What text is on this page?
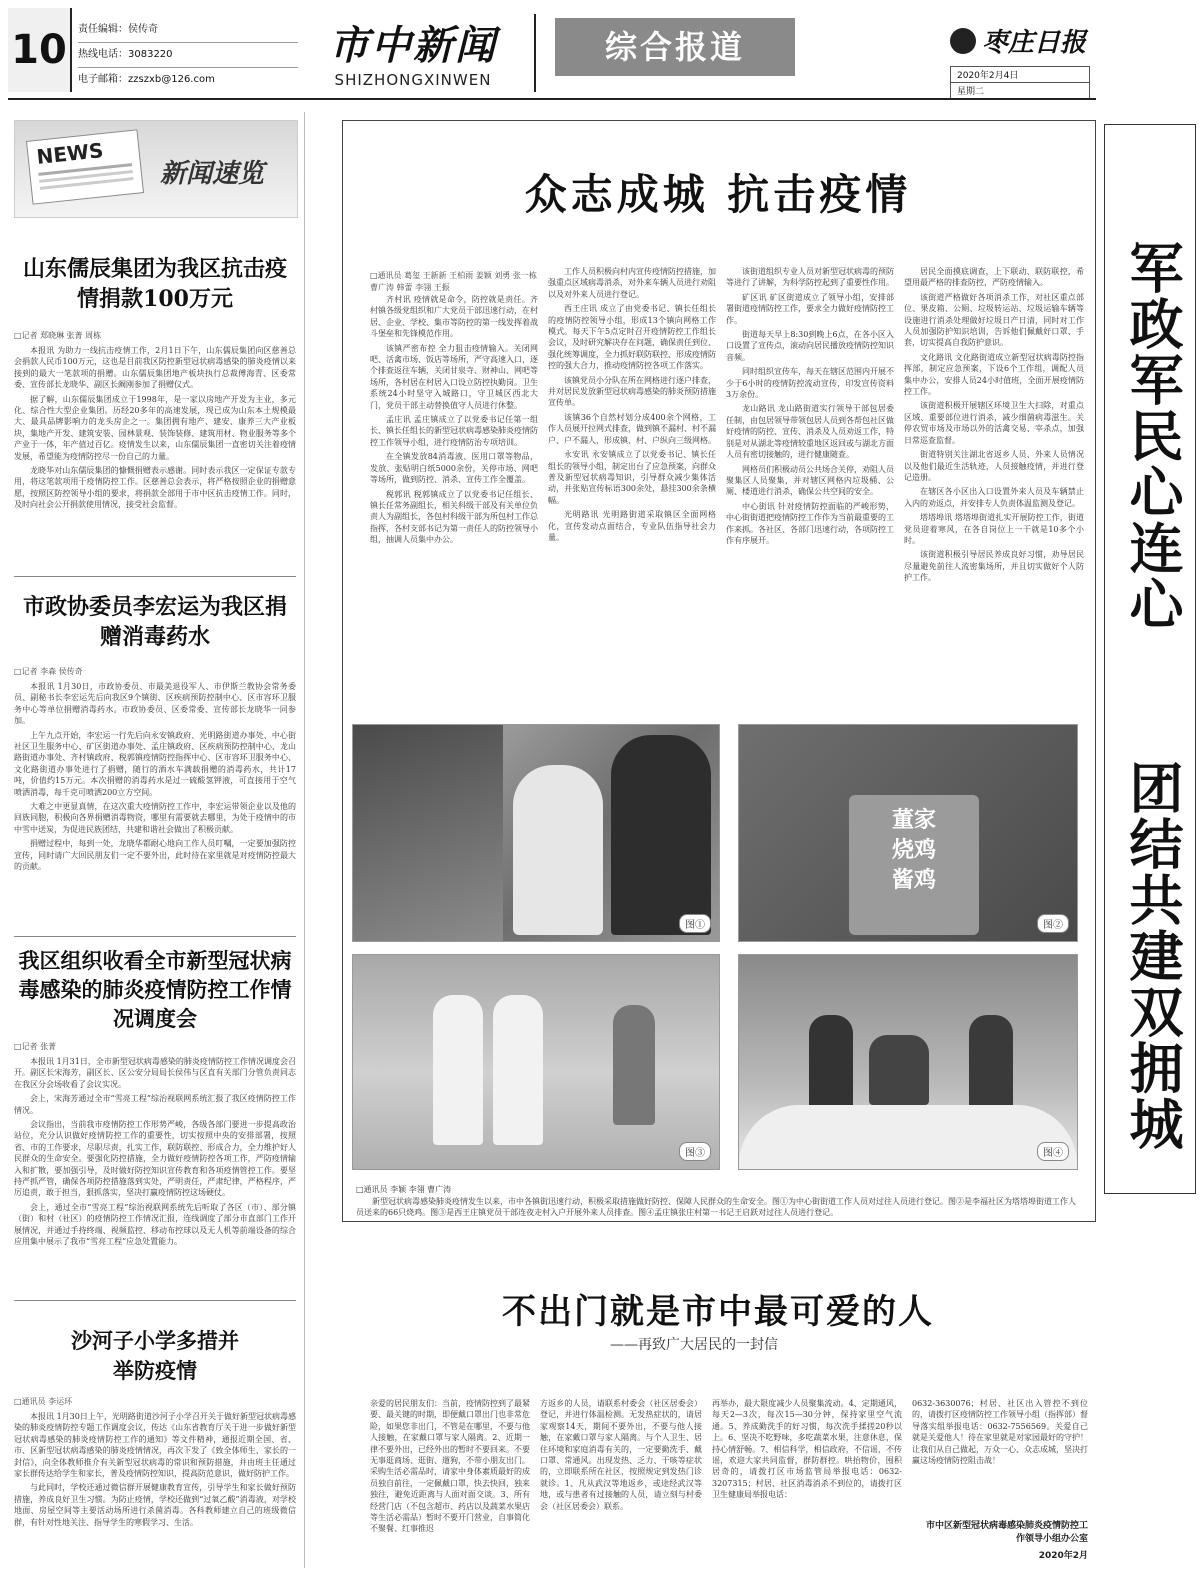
10	责任编辑：侯传奇
热线电话：3083220
电子邮箱：zzszxb@126.com
市中新闻
SHIZHONGXINWEN
综合报道	枣庄日报
2020年2月4日
星期二
NEWS
新闻速览
山东儒辰集团为我区抗击疫情捐款100万元
□记者 郑晓琳 张菁 周栋

本报讯 为助力一线抗击疫情工作，2月1日下午，山东儒辰集团向区慈善总会捐款人民币100万元，这也是目前我区防控新型冠状病毒感染的肺炎疫情以来接到的最大一笔款项的捐赠。山东儒辰集团地产板块执行总裁傅海青、区委常委、宣传部长龙晓华、副区长阚刚参加了捐赠仪式。

据了解，山东儒辰集团成立于1998年，是一家以房地产开发为主业，多元化、综合性大型企业集团。历经20多年的高速发展，现已成为山东本土规模最大、最具品牌影响力的龙头房企之一。集团拥有地产、建安、康养三大产业板块，集地产开发、建筑安装、园林景观、装饰装修、建筑用材、物业服务等多个产业于一体，年产值过百亿。疫情发生以来，山东儒辰集团一直密切关注着疫情发展，希望能为疫情防控尽一份自己的力量。

龙晓华对山东儒辰集团的慷慨捐赠表示感谢。同时表示我区一定保证专款专用，将这笔款项用于疫情防控工作。区慈善总会表示，将严格按照企业的捐赠意愿，按照区防控领导小组的要求，将捐款全部用于市中区抗击疫情工作。同时，及时向社会公开捐款使用情况，接受社会监督。

市政协委员李宏运为我区捐赠消毒药水
□记者 李森 侯传奇

本报讯 1月30日，市政协委员、市最美退役军人、市伊斯兰教协会常务委员、副秘书长李宏运先后向我区9个镇街、区疾病预防控制中心、区市容环卫服务中心等单位捐赠消毒药水。市政协委员、区委常委、宣传部长龙晓华一同参加。

上午九点开始，李宏运一行先后向永安镇政府、光明路街道办事处、中心街社区卫生服务中心、矿区街道办事处、孟庄镇政府、区疾病预防控制中心、龙山路街道办事处、齐村镇政府、税郭镇疫情防控指挥中心、区市容环卫服务中心、文化路街道办事处进行了捐赠，随行的酒水车满载捐赠的消毒药水，共计17吨，价值约15万元。本次捐赠的消毒药水是过一硫酸氢钾液，可直接用于空气喷洒消毒，每千克可喷洒200立方空间。

大难之中更显真情，在这次重大疫情防控工作中，李宏运带领企业以及他的回族同胞，积极向各界捐赠消毒物资，哪里有需要就去哪里，为处于疫情中的市中雪中送炭，为促进民族团结，共建和谐社会做出了积极贡献。

捐赠过程中，每到一处，龙晓华都耐心地向工作人员叮嘱，一定要加强防控宣传，同时请广大回民朋友们一定不要外出，此时待在家里就是对疫情防控最大的贡献。

我区组织收看全市新型冠状病毒感染的肺炎疫情防控工作情况调度会
□记者 张菁

本报讯 1月31日，全市新型冠状病毒感染的肺炎疫情防控工作情况调度会召开。副区长宋海芳，副区长、区公安分局局长侯伟与区直有关部门分管负责同志在我区分会场收看了会议实况。

会上，宋海芳通过全市“雪亮工程”综治视联网系统汇报了我区疫情防控工作情况。

会议指出，当前我市疫情防控工作形势严峻，各级各部门要进一步提高政治站位，充分认识做好疫情防控工作的重要性，切实按照中央的安排部署，按照省、市的工作要求，尽职尽责，扎实工作，联防联控、形成合力，全力维护好人民群众的生命安全。要强化防控措施，全力做好疫情防控各项工作，严防疫情输入和扩散，要加强引导，及时做好防控知识宣传教育和各项疫情管控工作。要坚持严抓严管，确保各项防控措施落到实处，严明责任，严肃纪律，严格程序，严厉追责，敢于担当，狠抓落实，坚决打赢疫情防控这场硬仗。

会上，通过全市“雪亮工程”综治视联网系统先后听取了各区（市）、部分镇（街）和村（社区）的疫情防控工作情况汇报，连线调度了部分市直部门工作开展情况，并通过手持终端、视频监控、移动布控球以及无人机等前端设备的综合应用集中展示了我市“雪亮工程”应急处置能力。

沙河子小学多措并举防疫情
□通讯员 李运环

本报讯 1月30日上午，光明路街道沙河子小学召开关于做好新型冠状病毒感染的肺炎疫情防控专题工作调度会议，传达《山东省教育厅关于进一步做好新型冠状病毒感染的肺炎疫情防控工作的通知》等文件精神，通报近期全国、省、市、区新型冠状病毒感染的肺炎疫情情况，再次下发了《致全体师生、家长的一封信》，向全体教师推介有关新型冠状病毒的常识和预防措施，并由班主任通过家长群传达给学生和家长，普及疫情防控知识，提高防范意识，做好防护工作。

与此同时，学校还通过微信群开展健康教育宣传，引导学生和家长做好预防措施，养成良好卫生习惯。为防止疫情，学校还做到“过氧乙酸”消毒液，对学校地面、房屋空间等主要活动场所进行杀菌消毒。各科教师建立自己的班级微信群，有针对性地关注、指导学生的寒假学习、生活。

众志成城 抗击疫情
□通讯员 葛玺 王新新 王柏雨 姜颖 刘勇 张一栋 曹广涛 韩蕾 李翎 王振

齐村讯 疫情就是命令，防控就是责任。齐村镇各级党组织和广大党员干部迅速行动，在村居、企业、学校、集市等防控的第一线发挥着战斗堡垒和先锋模范作用。

该镇严密布控 全力狙击疫情输入。关闭网吧、活禽市场、饭店等场所，严守高速入口，逐个排查返往车辆，关闭甘泉寺、财神山、网吧等场所，各村居在村居入口设立防控执勤岗。卫生系统24小时坚守入城路口，守卫城区西北大门，党员干部主动替换值守人员进行休整。

孟庄讯 孟庄镇成立了以党委书记任第一组长、镇长任组长的新型冠状病毒感染肺炎疫情防控工作领导小组，进行疫情防治专项培训。

在全镇发放84消毒液、医用口罩等物品，发放、张贴明白纸5000余份，关停市场、网吧等场所，做到防控、消杀、宣传工作全覆盖。

税郭讯 税郭镇成立了以党委书记任组长、镇长任常务副组长，相关科级干部及有关单位负责人为副组长，各包村科级干部为所包村工作总指挥，各村支部书记为第一责任人的防控领导小组，抽调人员集中办公。

工作人员积极向村内宣传疫情防控措施，加强重点区域病毒消杀，对外来车辆人员进行劝阻以及对外来人员进行登记。

西王庄讯 成立了由党委书记、镇长任组长的疫情防控领导小组，形成13个镇向网格工作模式。每天下午5点定时召开疫情防控工作组长会议，及时研究解决存在问题，确保责任到位、强化统筹调度，全力抓好联防联控、形成疫情防控的强大合力，推动疫情防控各项工作落实。

该镇党员小分队在所在网格进行逐户排查，并对居民发放新型冠状病毒感染的肺炎预防措施宣传单。

该镇36个自然村划分成400余个网格，工作人员展开拉网式排查，做到镇不漏村、村不漏户、户不漏人，形成镇、村、户纵向三级网格。

永安讯 永安镇成立了以党委书记、镇长任组长的领导小组，制定出台了应急预案，向群众普及新型冠状病毒知识，引导群众减少集体活动，并张贴宣传标语300余处，悬挂300余条横幅。

光明路讯 光明路街道采取镇区全面网格化，宣传发动点面结合，专业队伍指导社会力量。

该街道组织专业人员对新型冠状病毒的预防等进行了讲解，为科学防控起到了重要性作用。

矿区讯 矿区街道成立了领导小组，安排部署街道疫情防控工作，要求全力做好疫情防控工作。

街道每天早上8:30到晚上6点，在各小区入口设置了宣传点，滚动向居民播放疫情防控知识音频。

同时组织宣传车，每天在辖区范围内开展不少于6小时的疫情防控流动宣传，印发宣传资料3万余份。

龙山路讯 龙山路街道实行领导干部包居委任制，由包居领导带领包居人员到各帮包社区做好疫情的防控、宣传、消杀及人员劝返工作，特别是对从湖北等疫情较重地区返回或与湖北方面人员有密切接触的，进行健康随查。

网格员们积极动员公共场合关停，劝阻人员聚集区人员聚集，并对辖区网格内垃圾桶、公厕、楼道进行消杀，确保公共空间的安全。

中心街讯 针对疫情防控面临的严峻形势，中心街街道把疫情防控工作作为当前最重要的工作来抓。各社区、各部门迅速行动，各项防控工作有序展开。

居民全面摸底调查，上下联动、联防联控，希望用最严格的排查防控，严防疫情输入。

该街道严格做好各项消杀工作，对社区重点部位、果皮箱、公厕、垃圾转运站、垃圾运输车辆等设施进行消杀处理做好垃圾日产日清，同时对工作人员加强防护知识培训，告诉他们佩戴好口罩、手套，切实提高自我防护意识。

文化路讯 文化路街道成立新型冠状病毒防控指挥部，制定应急预案，下设6个工作组，调配人员集中办公，安排人员24小时值班，全面开展疫情防控工作。

该街道积极开展辖区环境卫生大扫除，对重点区域、重要部位进行消杀，减少细菌病毒滋生。关停农贸市场及市场以外的活禽交易、宰杀点，加强日常巡查监督。

街道特别关注湖北省返乡人员、外来人员情况以及他们最近生活轨迹，人员接触疫情，并进行登记造册。

在辖区各小区出入口设置外来人员及车辆禁止入内的劝返点，并安排专人负责体温监测及登记。

塔塔埠讯 塔塔埠街道扎实开展防控工作，街道党员迎着寒风，在各自岗位上一干就是10多个小时。

该街道积极引导居民养成良好习惯，劝导居民尽量避免前往人流密集场所，并且切实做好个人防护工作。

图①
董家
烧鸡
酱鸡
图②
图③	图④
□通讯员 李颖 李翎 曹广涛
新型冠状病毒感染肺炎疫情发生以来，市中各镇街迅速行动，积极采取措施做好防控、保障人民群众的生命安全。图①为中心街街道工作人员对过往人员进行登记。图②是李福社区为塔塔埠街道工作人员送来的66只烧鸡。图③是西王庄镇党员干部连夜走村入户开展外来人员排查。图④孟庄镇张庄村第一书记王启跃对过往人员进行登记。
不出门就是市中最可爱的人
——再致广大居民的一封信

亲爱的居民朋友们：当前，疫情防控到了最紧要、最关键的时期，即便戴口罩出门也非常危险，如果您非出门，不管是在哪里，不要与他人接触，在家戴口罩与家人隔离。2、近期一律不要外出，已经外出的暂时不要回来。不要无事逛商场、逛街、遛狗，不带小朋友出门。采购生活必需品时，请家中身体素质最好的成员独自前往，一定佩戴口罩，快去快回，独来独往，避免近距离与人面对面交谈。3、所有经营门店（不包含超市、药店以及蔬菜水果店等生活必需品）暂时不要开门营业，自事简化不聚餐、红事推迟

方返乡的人员，请联系村委会（社区居委会）登记，并进行体温检测。无发热症状的，请居家观察14天，期间不要外出，不要与他人接触，在家戴口罩与家人隔离。与个人卫生、居住环境和家庭消毒有关的，一定要勤洗手、戴口罩、常通风。出现发热、乏力、干咳等症状的，立即联系所在社区，按照规定到发热门诊就诊。1、凡从武汉等地返乡，或途经武汉等地，或与患者有过接触的人员，请立刻与村委会（社区居委会）联系。

再举办，最大限度减少人员聚集流动。4、定期通风，每天2—3次，每次15—30分钟，保持家里空气流通。5、养成勤洗手的好习惯，每次洗手揉搓20秒以上。6、坚决不吃野味，多吃蔬菜水果，注意休息，保持心情舒畅。7、相信科学，相信政府，不信谣，不传谣，欢迎大家共同监督，群防群控。哄抬物价，囤积居奇的，请拨打区市场监管局举报电话：0632-3207315；村居、社区消毒消杀不到位的，请拨打区卫生健康局举报电话：

0632-3630076；村居、社区出入管控不到位的，请拨打区疫情防控工作领导小组（指挥部）督导落实组举报电话：0632-7556569。关爱自己就是关爱他人！待在家里就是对家园最好的守护！让我们从自己做起，万众一心、众志成城，坚决打赢这场疫情防控阻击战！

市中区新型冠状病毒感染肺炎疫情防控工作领导小组办公室
2020年2月
军政军民心连心
团结共建双拥城
